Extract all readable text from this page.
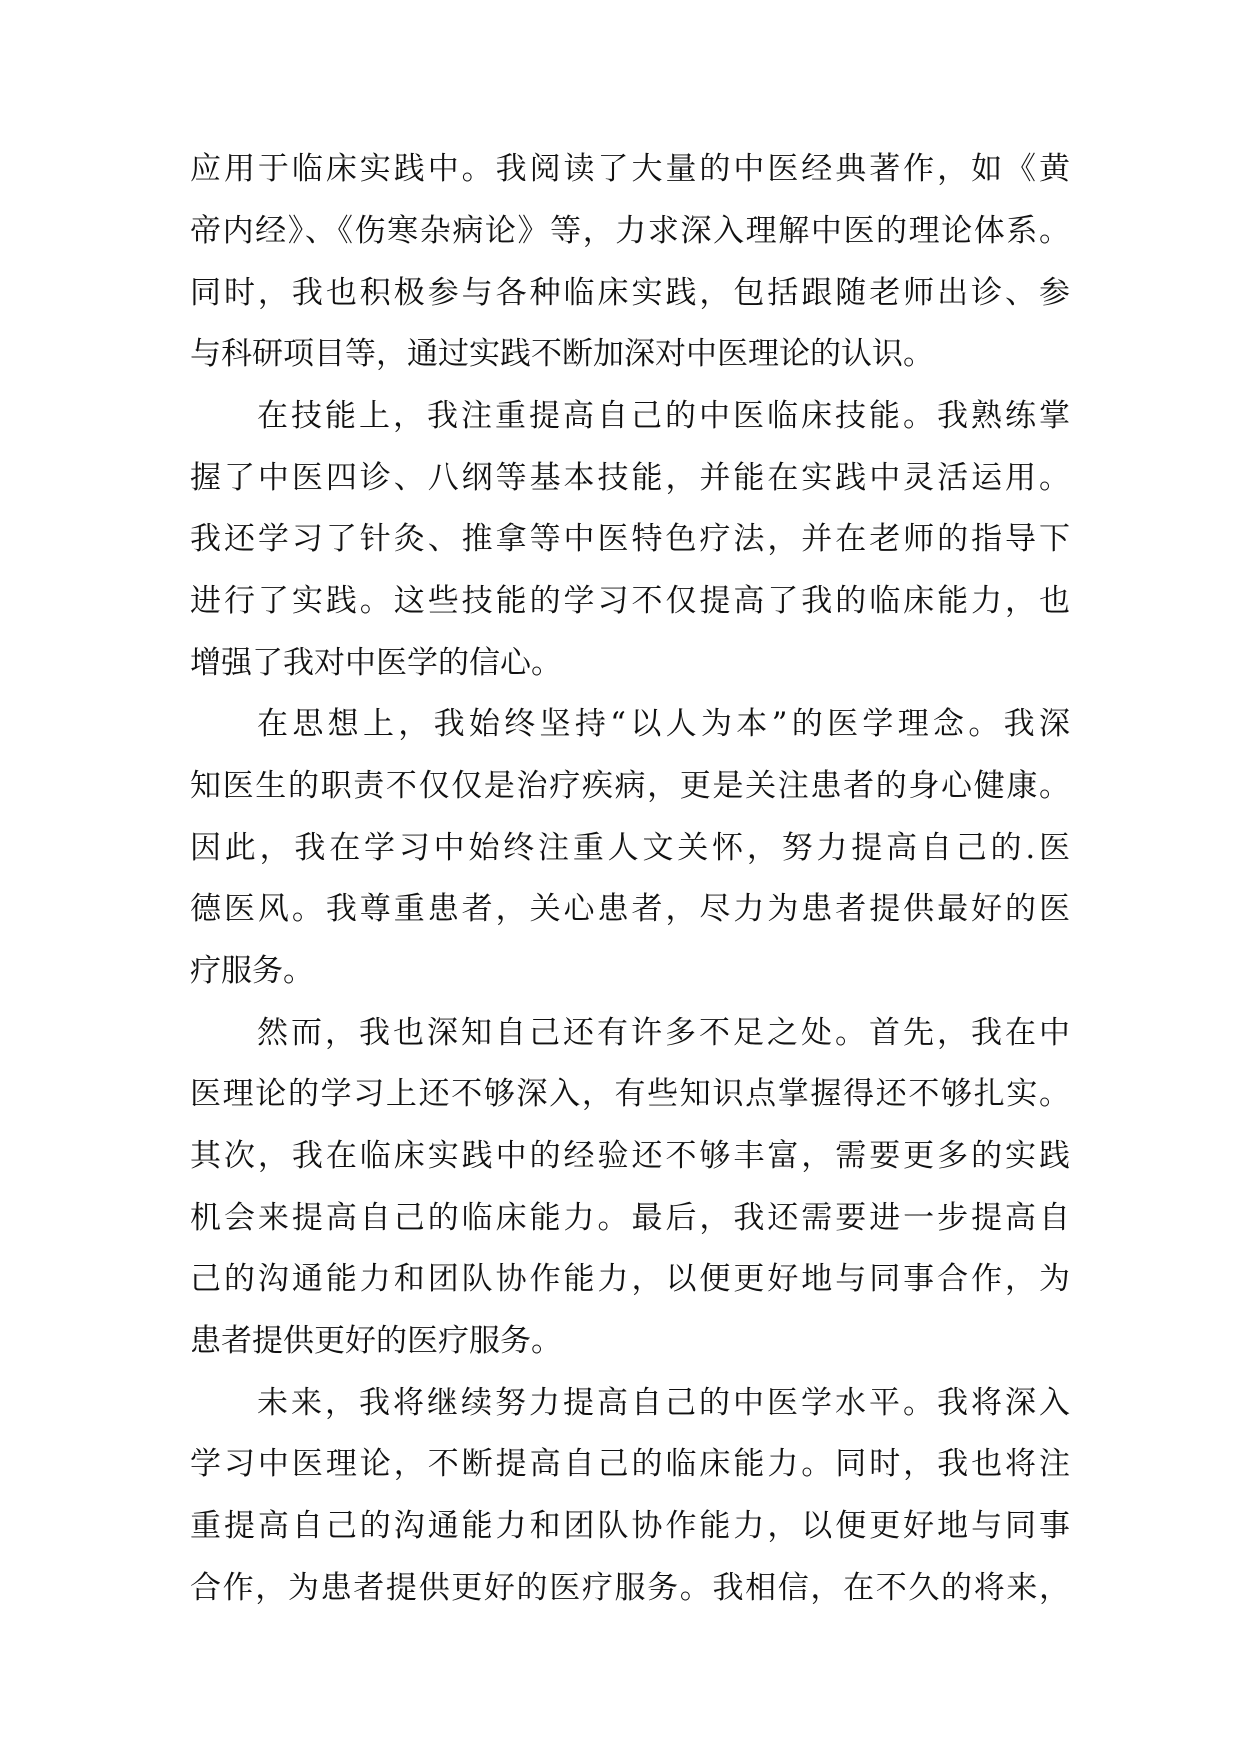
应用于临床实践中。我阅读了大量的中医经典著作，如《黄

帝内经》、《伤寒杂病论》等，力求深入理解中医的理论体系。

同时，我也积极参与各种临床实践，包括跟随老师出诊、参

与科研项目等，通过实践不断加深对中医理论的认识。

在技能上，我注重提高自己的中医临床技能。我熟练掌

握了中医四诊、八纲等基本技能，并能在实践中灵活运用。

我还学习了针灸、推拿等中医特色疗法，并在老师的指导下

进行了实践。这些技能的学习不仅提高了我的临床能力，也

增强了我对中医学的信心。

在思想上，我始终坚持“以人为本”的医学理念。我深

知医生的职责不仅仅是治疗疾病，更是关注患者的身心健康。

因此，我在学习中始终注重人文关怀，努力提高自己的.医

德医风。我尊重患者，关心患者，尽力为患者提供最好的医

疗服务。

然而，我也深知自己还有许多不足之处。首先，我在中

医理论的学习上还不够深入，有些知识点掌握得还不够扎实。

其次，我在临床实践中的经验还不够丰富，需要更多的实践

机会来提高自己的临床能力。最后，我还需要进一步提高自

己的沟通能力和团队协作能力，以便更好地与同事合作，为

患者提供更好的医疗服务。

未来，我将继续努力提高自己的中医学水平。我将深入

学习中医理论，不断提高自己的临床能力。同时，我也将注

重提高自己的沟通能力和团队协作能力，以便更好地与同事

合作，为患者提供更好的医疗服务。我相信，在不久的将来，
